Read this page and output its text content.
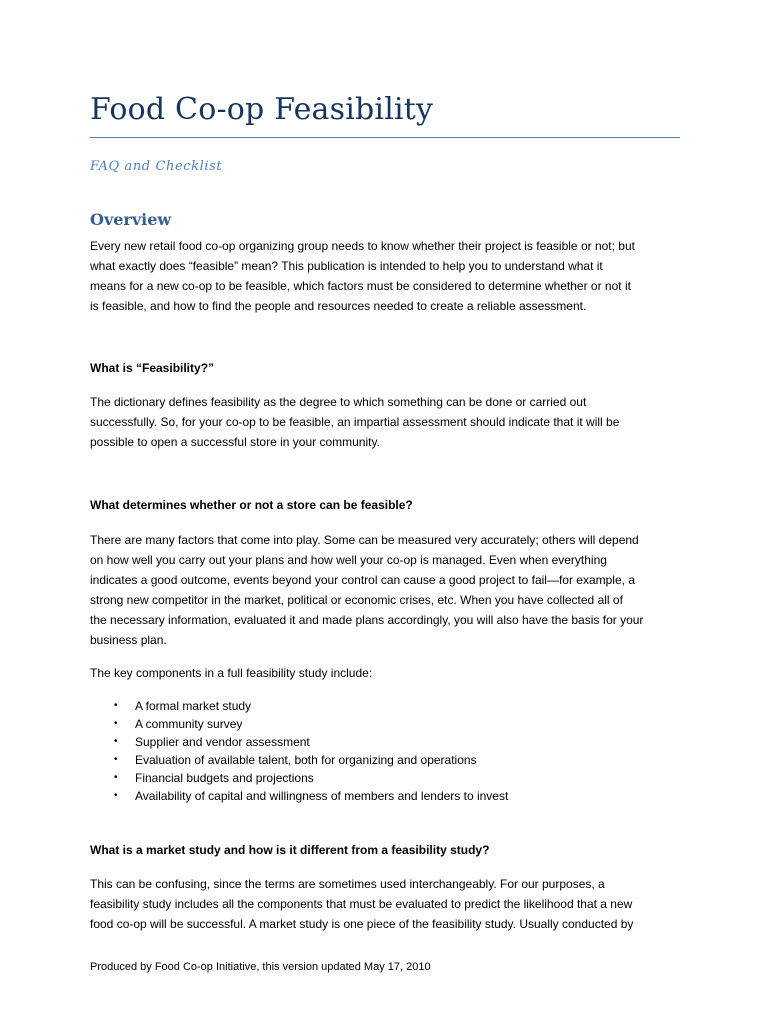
Food Co-op Feasibility
FAQ and Checklist
Overview

Every new retail food co-op organizing group needs to know whether their project is feasible or not; but
what exactly does “feasible” mean? This publication is intended to help you to understand what it
means for a new co-op to be feasible, which factors must be considered to determine whether or not it
is feasible, and how to find the people and resources needed to create a reliable assessment.

What is “Feasibility?”

The dictionary defines feasibility as the degree to which something can be done or carried out
successfully. So, for your co-op to be feasible, an impartial assessment should indicate that it will be
possible to open a successful store in your community.

What determines whether or not a store can be feasible?

There are many factors that come into play. Some can be measured very accurately; others will depend
on how well you carry out your plans and how well your co-op is managed. Even when everything
indicates a good outcome, events beyond your control can cause a good project to fail—for example, a
strong new competitor in the market, political or economic crises, etc. When you have collected all of
the necessary information, evaluated it and made plans accordingly, you will also have the basis for your
business plan.

The key components in a full feasibility study include:

• A formal market study
• A community survey
• Supplier and vendor assessment
• Evaluation of available talent, both for organizing and operations
• Financial budgets and projections
• Availability of capital and willingness of members and lenders to invest
What is a market study and how is it different from a feasibility study?

This can be confusing, since the terms are sometimes used interchangeably. For our purposes, a
feasibility study includes all the components that must be evaluated to predict the likelihood that a new
food co-op will be successful. A market study is one piece of the feasibility study. Usually conducted by

Produced by Food Co-op Initiative, this version updated May 17, 2010
